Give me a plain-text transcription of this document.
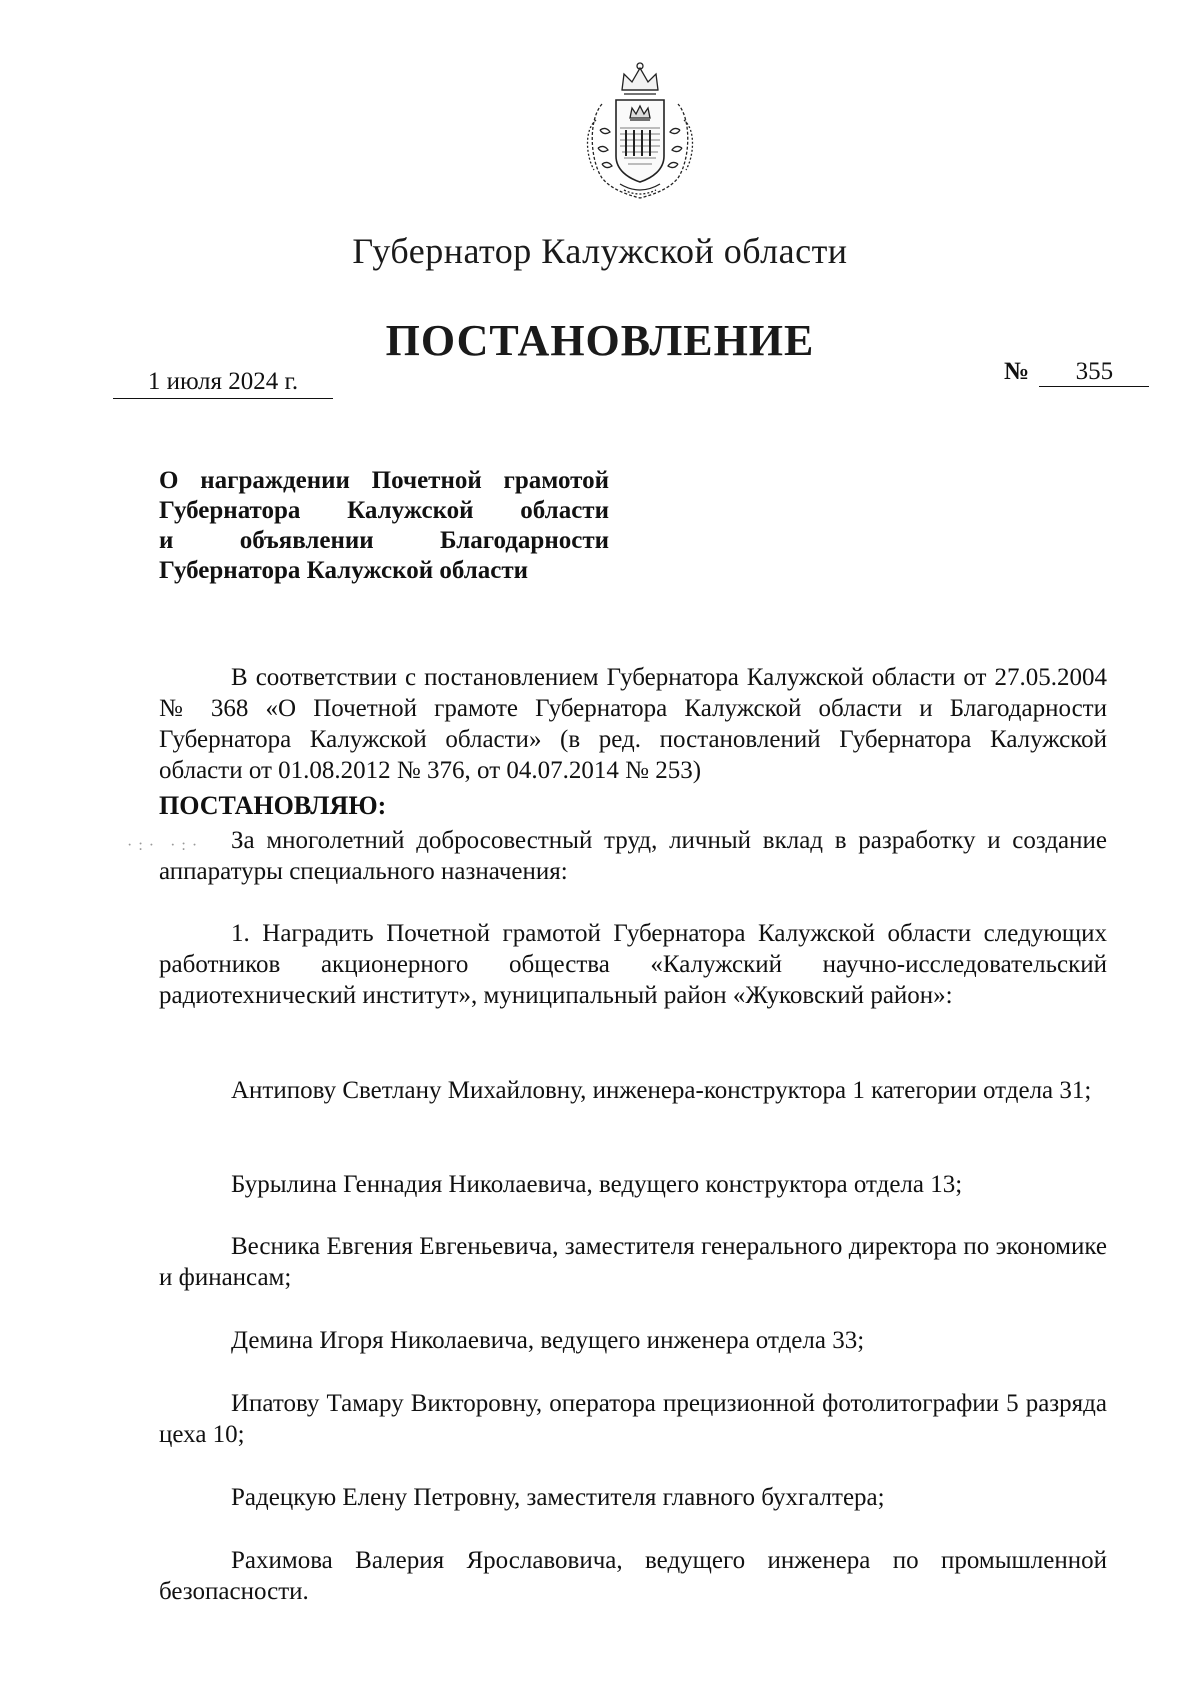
Губернатор Калужской области
ПОСТАНОВЛЕНИЕ
1 июля 2024 г.	№ 355
О награждении Почетной грамотой
Губернатора Калужской области
и объявлении Благодарности
Губернатора Калужской области

В соответствии с постановлением Губернатора Калужской области от 27.05.2004 № 368 «О Почетной грамоте Губернатора Калужской области и Благодарности Губернатора Калужской области» (в ред. постановлений Губернатора Калужской области от 01.08.2012 № 376, от 04.07.2014 № 253)

ПОСТАНОВЛЯЮ:
·:· ·:·	За многолетний добросовестный труд, личный вклад в разработку и создание аппаратуры специального назначения:

1. Наградить Почетной грамотой Губернатора Калужской области следующих работников акционерного общества «Калужский научно-исследовательский радиотехнический институт», муниципальный район «Жуковский район»:

Антипову Светлану Михайловну, инженера-конструктора 1 категории отдела 31;

Бурылина Геннадия Николаевича, ведущего конструктора отдела 13;

Весника Евгения Евгеньевича, заместителя генерального директора по экономике и финансам;

Демина Игоря Николаевича, ведущего инженера отдела 33;

Ипатову Тамару Викторовну, оператора прецизионной фотолитографии 5 разряда цеха 10;

Радецкую Елену Петровну, заместителя главного бухгалтера;

Рахимова Валерия Ярославовича, ведущего инженера по промышленной безопасности.
